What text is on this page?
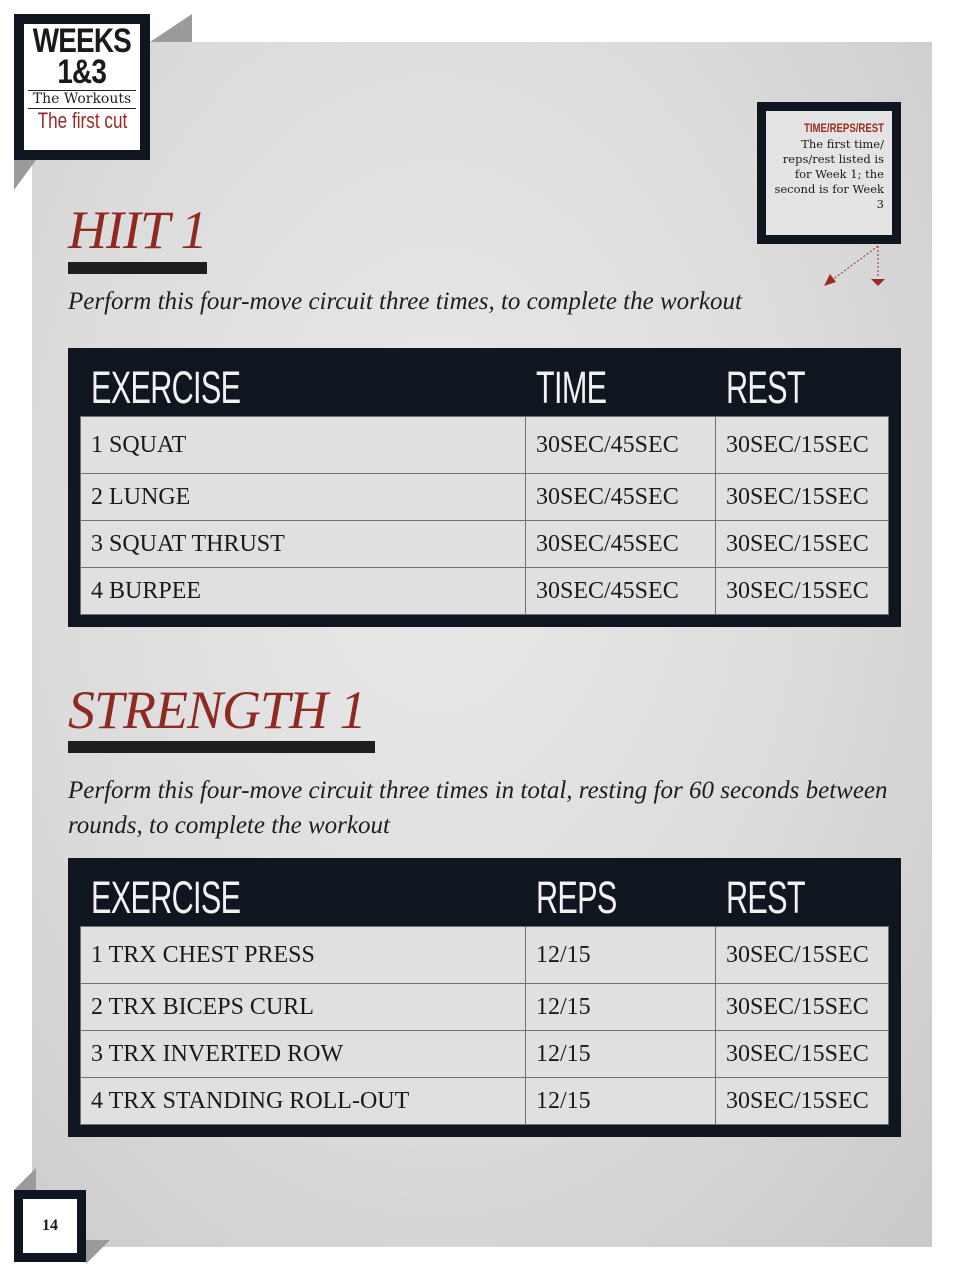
WEEKS
1&3
The Workouts
The first cut	TIME/REPS/REST
The first time/ reps/rest listed is for Week 1; the second is for Week 3
HIIT 1
Perform this four-move circuit three times, to complete the workout
EXERCISE	TIME	REST
1 SQUAT	30SEC/45SEC	30SEC/15SEC
2 LUNGE	30SEC/45SEC	30SEC/15SEC
3 SQUAT THRUST	30SEC/45SEC	30SEC/15SEC
4 BURPEE	30SEC/45SEC	30SEC/15SEC
STRENGTH 1
Perform this four-move circuit three times in total, resting for 60 seconds between rounds, to complete the workout
EXERCISE	REPS	REST
1 TRX CHEST PRESS	12/15	30SEC/15SEC
2 TRX BICEPS CURL	12/15	30SEC/15SEC
3 TRX INVERTED ROW	12/15	30SEC/15SEC
4 TRX STANDING ROLL-OUT	12/15	30SEC/15SEC
14
